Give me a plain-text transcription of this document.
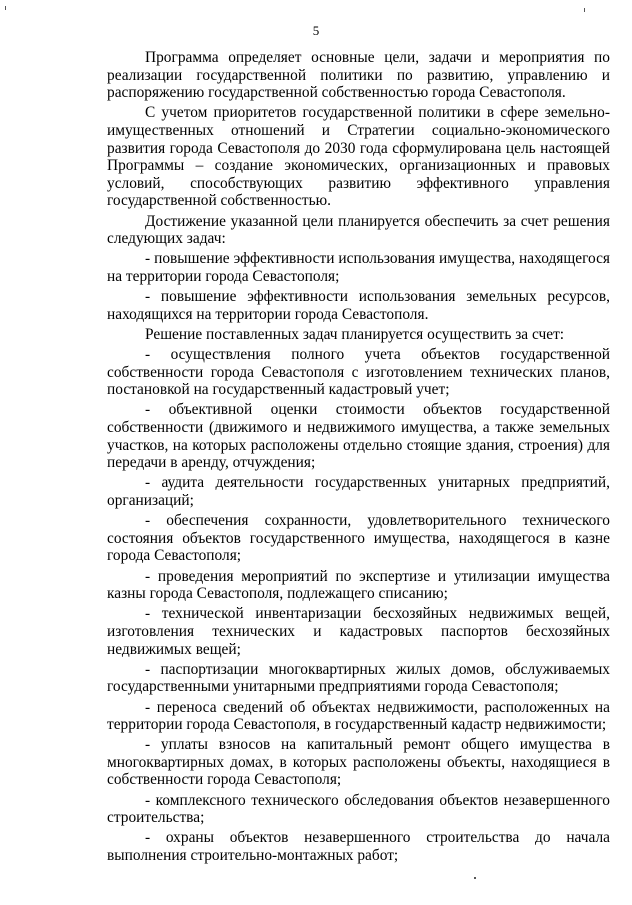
5

Программа определяет основные цели, задачи и мероприятия по реализации государственной политики по развитию, управлению и распоряжению государственной собственностью города Севастополя.

С учетом приоритетов государственной политики в сфере земельно-имущественных отношений и Стратегии социально-экономического развития города Севастополя до 2030 года сформулирована цель настоящей Программы – создание экономических, организационных и правовых условий, способствующих развитию эффективного управления государственной собственностью.

Достижение указанной цели планируется обеспечить за счет решения следующих задач:

- повышение эффективности использования имущества, находящегося на территории города Севастополя;

- повышение эффективности использования земельных ресурсов, находящихся на территории города Севастополя.

Решение поставленных задач планируется осуществить за счет:

- осуществления полного учета объектов государственной собственности города Севастополя с изготовлением технических планов, постановкой на государственный кадастровый учет;

- объективной оценки стоимости объектов государственной собственности (движимого и недвижимого имущества, а также земельных участков, на которых расположены отдельно стоящие здания, строения) для передачи в аренду, отчуждения;

- аудита деятельности государственных унитарных предприятий, организаций;

- обеспечения сохранности, удовлетворительного технического состояния объектов государственного имущества, находящегося в казне города Севастополя;

- проведения мероприятий по экспертизе и утилизации имущества казны города Севастополя, подлежащего списанию;

- технической инвентаризации бесхозяйных недвижимых вещей, изготовления технических и кадастровых паспортов бесхозяйных недвижимых вещей;

- паспортизации многоквартирных жилых домов, обслуживаемых государственными унитарными предприятиями города Севастополя;

- переноса сведений об объектах недвижимости, расположенных на территории города Севастополя, в государственный кадастр недвижимости;

- уплаты взносов на капитальный ремонт общего имущества в многоквартирных домах, в которых расположены объекты, находящиеся в собственности города Севастополя;

- комплексного технического обследования объектов незавершенного строительства;

- охраны объектов незавершенного строительства до начала выполнения строительно-монтажных работ;
